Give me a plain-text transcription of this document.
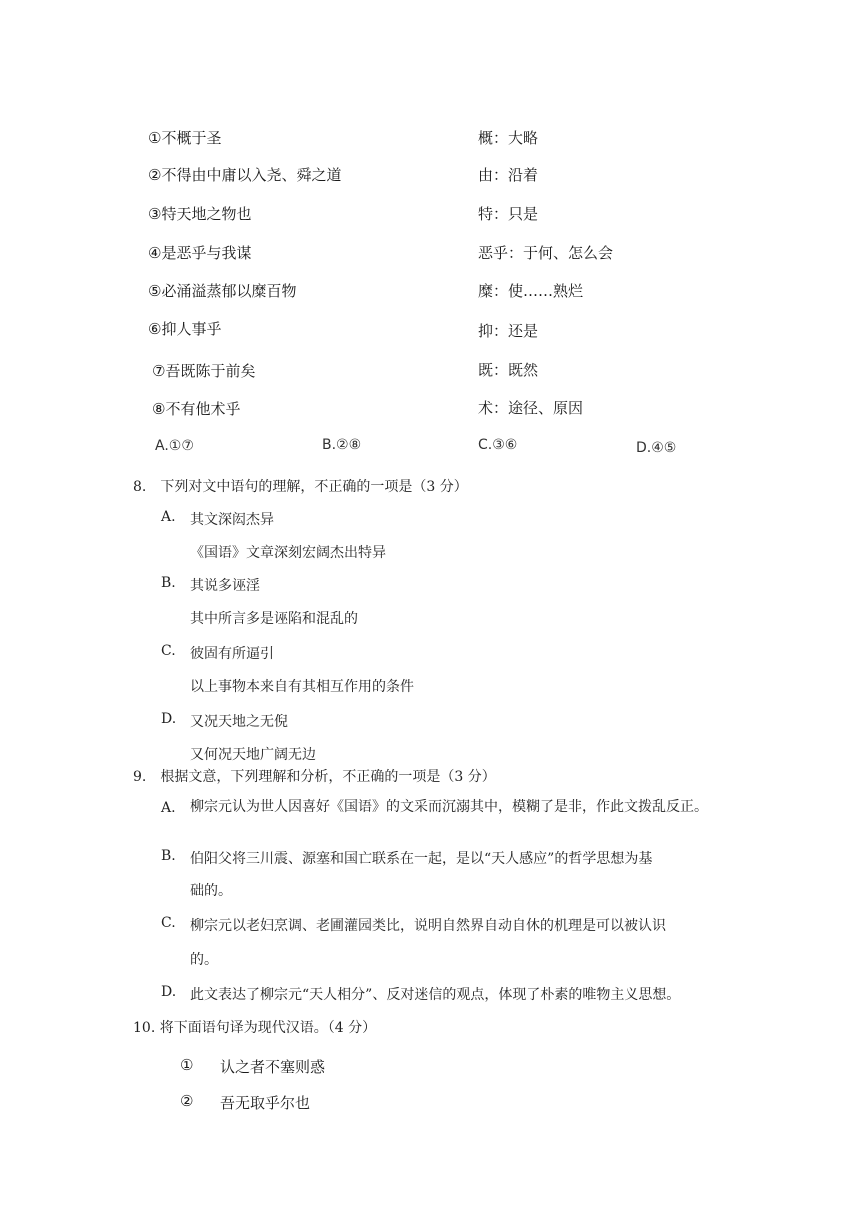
①不概于圣	概：大略
②不得由中庸以入尧、舜之道	由：沿着
③特天地之物也	特：只是
④是恶乎与我谋	恶乎：于何、怎么会
⑤必涌溢蒸郁以糜百物	糜：使……熟烂
⑥抑人事乎	抑：还是
⑦吾既陈于前矣	既：既然
⑧不有他术乎	术：途径、原因
A.①⑦	B.②⑧	C.③⑥	D.④⑤
8.　下列对文中语句的理解，不正确的一项是（3 分）
A. 其文深闳杰异
《国语》文章深刻宏阔杰出特异
B. 其说多诬淫
其中所言多是诬陷和混乱的
C. 彼固有所逼引
以上事物本来自有其相互作用的条件
D. 又况天地之无倪
又何况天地广阔无边
9.　根据文意，下列理解和分析，不正确的一项是（3 分）
A. 柳宗元认为世人因喜好《国语》的文采而沉溺其中，模糊了是非，作此文拨乱反正。
B. 伯阳父将三川震、源塞和国亡联系在一起，是以“天人感应”的哲学思想为基
础的。
C. 柳宗元以老妇烹调、老圃灌园类比，说明自然界自动自休的机理是可以被认识
的。
D. 此文表达了柳宗元“天人相分”、反对迷信的观点，体现了朴素的唯物主义思想。
10. 将下面语句译为现代汉语。（4 分）
① 认之者不塞则惑
② 吾无取乎尔也
